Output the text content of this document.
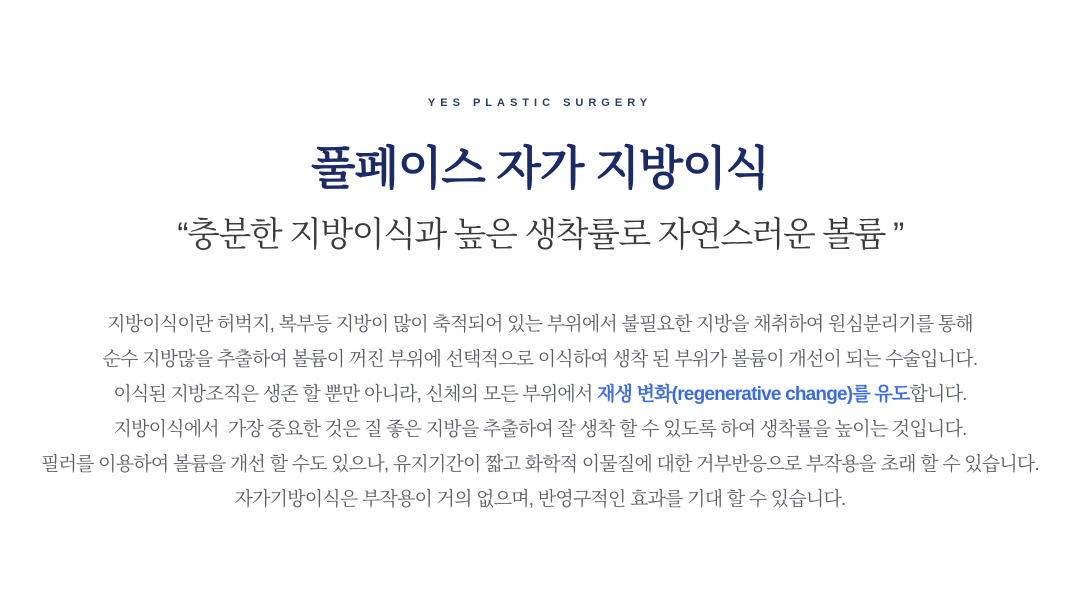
YES PLASTIC SURGERY
풀페이스 자가 지방이식
“충분한 지방이식과 높은 생착률로 자연스러운 볼륨 ”

지방이식이란 허벅지, 복부등 지방이 많이 축적되어 있는 부위에서 불필요한 지방을 채취하여 원심분리기를 통해

순수 지방많을 추출하여 볼륨이 꺼진 부위에 선택적으로 이식하여 생착 된 부위가 볼륨이 개선이 되는 수술입니다.

이식된 지방조직은 생존 할 뿐만 아니라, 신체의 모든 부위에서 재생 변화(regenerative change)를 유도합니다.

지방이식에서  가장 중요한 것은 질 좋은 지방을 추출하여 잘 생착 할 수 있도록 하여 생착률을 높이는 것입니다.

필러를 이용하여 볼륨을 개선 할 수도 있으나, 유지기간이 짧고 화학적 이물질에 대한 거부반응으로 부작용을 초래 할 수 있습니다.

자가기방이식은 부작용이 거의 없으며, 반영구적인 효과를 기대 할 수 있습니다.
